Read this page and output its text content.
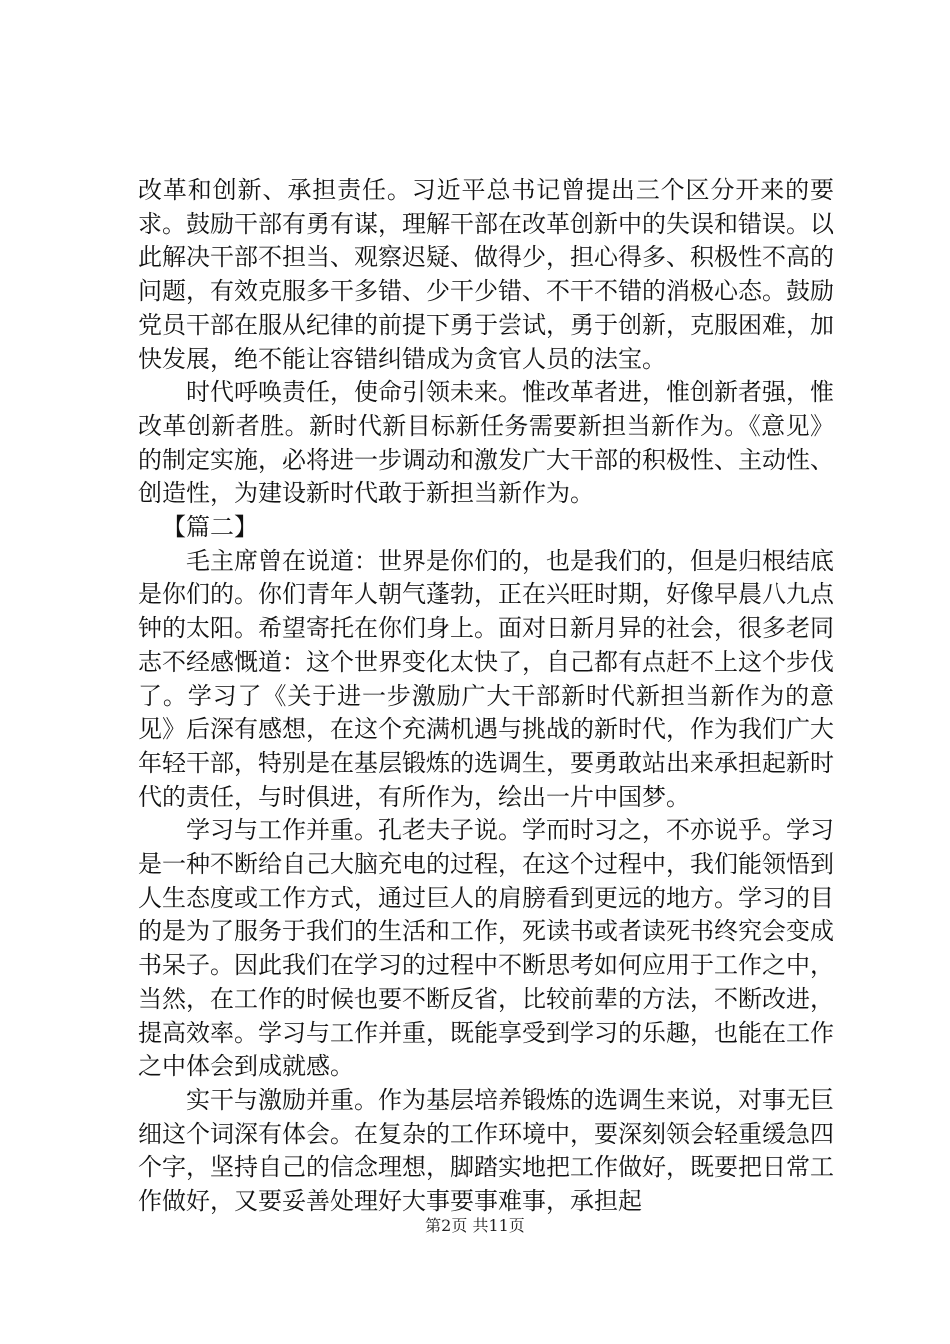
改革和创新、承担责任。习近平总书记曾提出三个区分开来的要求。鼓励干部有勇有谋，理解干部在改革创新中的失误和错误。以此解决干部不担当、观察迟疑、做得少，担心得多、积极性不高的问题，有效克服多干多错、少干少错、不干不错的消极心态。鼓励党员干部在服从纪律的前提下勇于尝试，勇于创新，克服困难，加快发展，绝不能让容错纠错成为贪官人员的法宝。

时代呼唤责任，使命引领未来。惟改革者进，惟创新者强，惟改革创新者胜。新时代新目标新任务需要新担当新作为。《意见》的制定实施，必将进一步调动和激发广大干部的积极性、主动性、创造性，为建设新时代敢于新担当新作为。

【篇二】

毛主席曾在说道：世界是你们的，也是我们的，但是归根结底是你们的。你们青年人朝气蓬勃，正在兴旺时期，好像早晨八九点钟的太阳。希望寄托在你们身上。面对日新月异的社会，很多老同志不经感慨道：这个世界变化太快了，自己都有点赶不上这个步伐了。学习了《关于进一步激励广大干部新时代新担当新作为的意见》后深有感想，在这个充满机遇与挑战的新时代，作为我们广大年轻干部，特别是在基层锻炼的选调生，要勇敢站出来承担起新时代的责任，与时俱进，有所作为，绘出一片中国梦。

学习与工作并重。孔老夫子说。学而时习之，不亦说乎。学习是一种不断给自己大脑充电的过程，在这个过程中，我们能领悟到人生态度或工作方式，通过巨人的肩膀看到更远的地方。学习的目的是为了服务于我们的生活和工作，死读书或者读死书终究会变成书呆子。因此我们在学习的过程中不断思考如何应用于工作之中，当然，在工作的时候也要不断反省，比较前辈的方法，不断改进，提高效率。学习与工作并重，既能享受到学习的乐趣，也能在工作之中体会到成就感。

实干与激励并重。作为基层培养锻炼的选调生来说，对事无巨细这个词深有体会。在复杂的工作环境中，要深刻领会轻重缓急四个字，坚持自己的信念理想，脚踏实地把工作做好，既要把日常工作做好，又要妥善处理好大事要事难事，承担起

第2页 共11页
